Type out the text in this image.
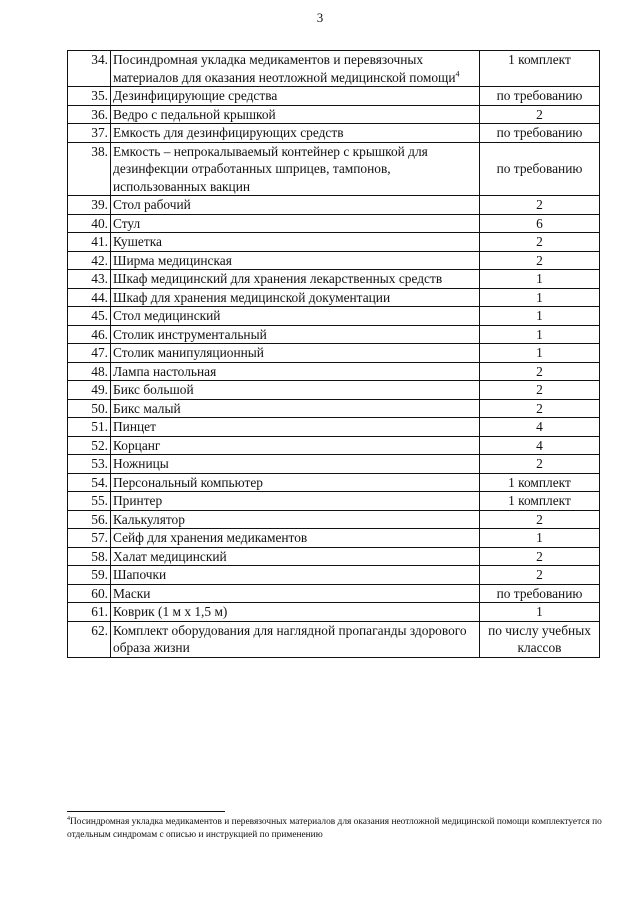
3
34.	Посиндромная укладка медикаментов и перевязочных материалов для оказания неотложной медицинской помощи$^4$	1 комплект
35.	Дезинфицирующие средства	по требованию
36.	Ведро с педальной крышкой	2
37.	Емкость для дезинфицирующих средств	по требованию
38.	Емкость – непрокалываемый контейнер с крышкой для дезинфекции отработанных шприцев, тампонов, использованных вакцин	по требованию
39.	Стол рабочий	2
40.	Стул	6
41.	Кушетка	2
42.	Ширма медицинская	2
43.	Шкаф медицинский для хранения лекарственных средств	1
44.	Шкаф для хранения медицинской документации	1
45.	Стол медицинский	1
46.	Столик инструментальный	1
47.	Столик манипуляционный	1
48.	Лампа настольная	2
49.	Бикс большой	2
50.	Бикс малый	2
51.	Пинцет	4
52.	Корцанг	4
53.	Ножницы	2
54.	Персональный компьютер	1 комплект
55.	Принтер	1 комплект
56.	Калькулятор	2
57.	Сейф для хранения медикаментов	1
58.	Халат медицинский	2
59.	Шапочки	2
60.	Маски	по требованию
61.	Коврик (1 м х 1,5 м)	1
62.	Комплект оборудования для наглядной пропаганды здорового образа жизни	по числу учебных классов
$^4$Посиндромная укладка медикаментов и перевязочных материалов для оказания неотложной медицинской помощи комплектуется по отдельным синдромам с описью и инструкцией по применению
